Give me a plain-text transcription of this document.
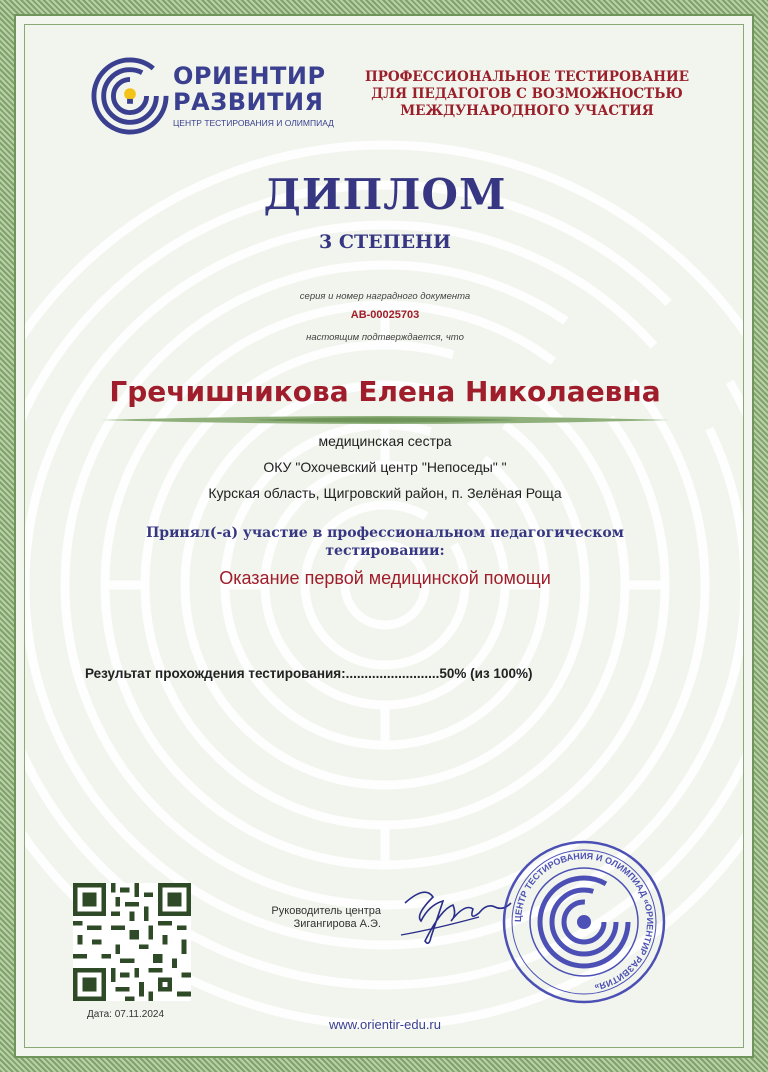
ОРИЕНТИР
РАЗВИТИЯ
ЦЕНТР ТЕСТИРОВАНИЯ И ОЛИМПИАД
ПРОФЕССИОНАЛЬНОЕ ТЕСТИРОВАНИЕ
ДЛЯ ПЕДАГОГОВ С ВОЗМОЖНОСТЬЮ
МЕЖДУНАРОДНОГО УЧАСТИЯ
ДИПЛОМ
3 СТЕПЕНИ
серия и номер наградного документа
АВ-00025703
настоящим подтверждается, что
Гречишникова Елена Николаевна
медицинская сестра
ОКУ "Охочевский центр "Непоседы" "
Курская область, Щигровский район, п. Зелёная Роща
Принял(-а) участие в профессиональном педагогическом
тестировании:
Оказание первой медицинской помощи
Результат прохождения тестирования:.........................50% (из 100%)
Дата: 07.11.2024
Руководитель центра
Зигангирова А.Э.	ЦЕНТР ТЕСТИРОВАНИЯ И ОЛИМПИАД «ОРИЕНТИР РАЗВИТИЯ»
www.orientir-edu.ru
